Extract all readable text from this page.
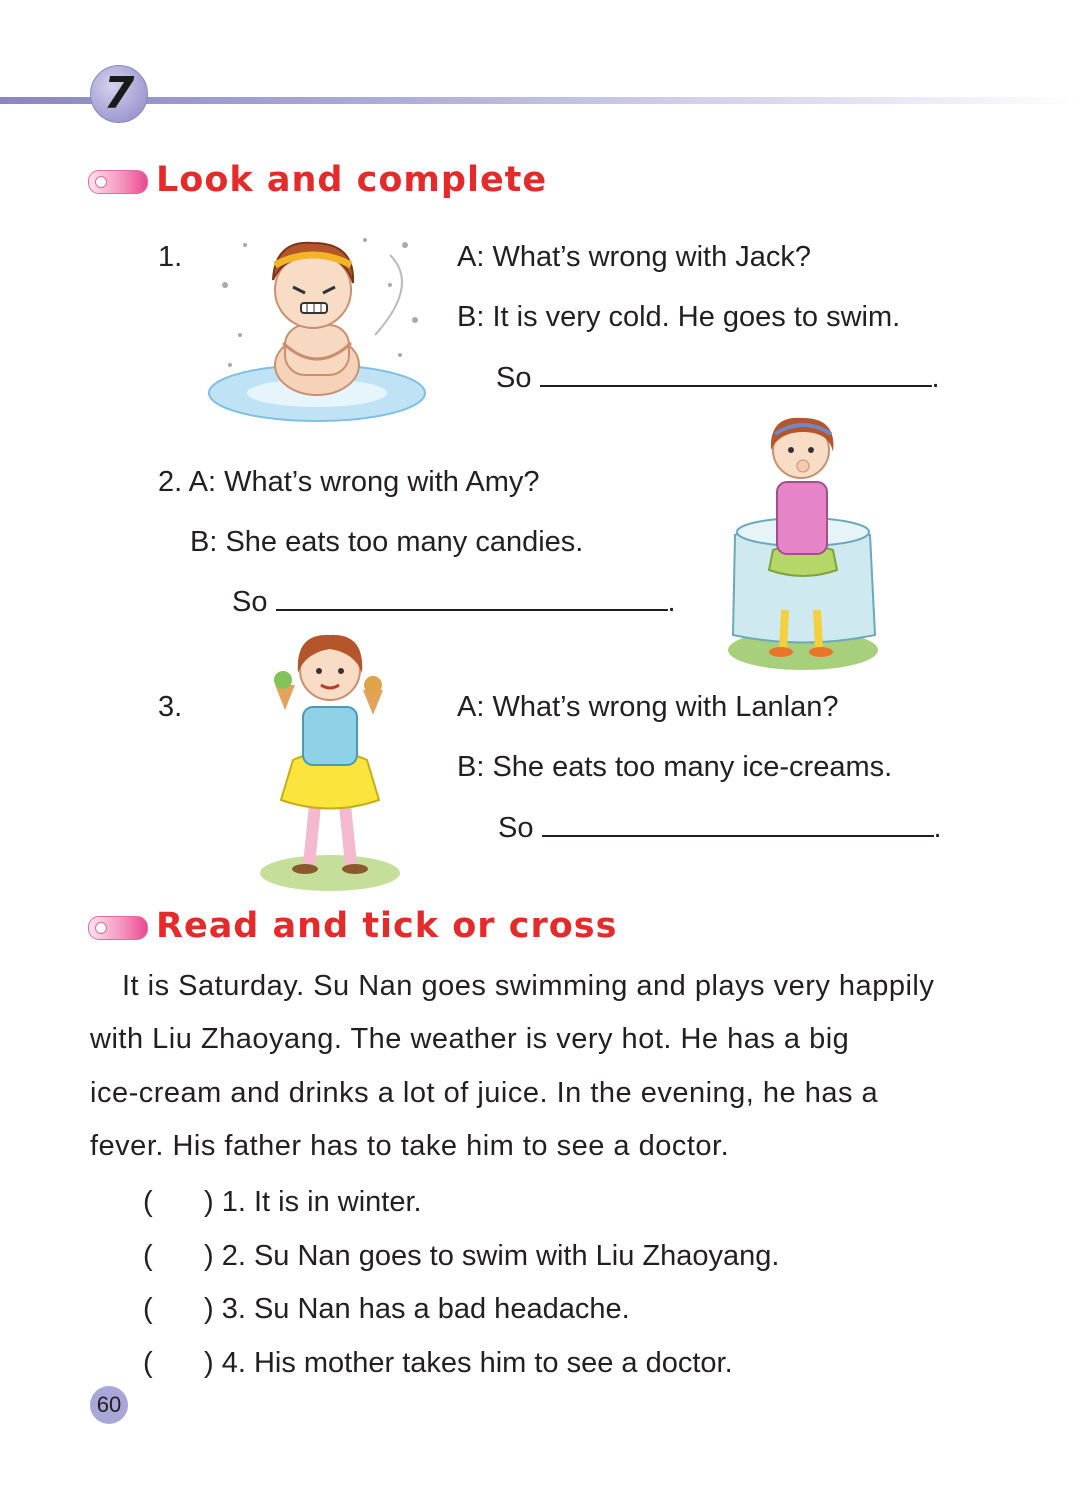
7
Look and complete
1.	A: What’s wrong with Jack?
B: It is very cold. He goes to swim.
So	.
2. A: What’s wrong with Amy?
B: She eats too many candies.
So	.
3.	A: What’s wrong with Lanlan?
B: She eats too many ice-creams.
So	.
Read and tick or cross
It is Saturday. Su Nan goes swimming and plays very happily
with Liu Zhaoyang. The weather is very hot. He has a big
ice-cream and drinks a lot of juice. In the evening, he has a
fever. His father has to take him to see a doctor.
( ) 1. It is in winter.
( ) 2. Su Nan goes to swim with Liu Zhaoyang.
( ) 3. Su Nan has a bad headache.
( ) 4. His mother takes him to see a doctor.
60
